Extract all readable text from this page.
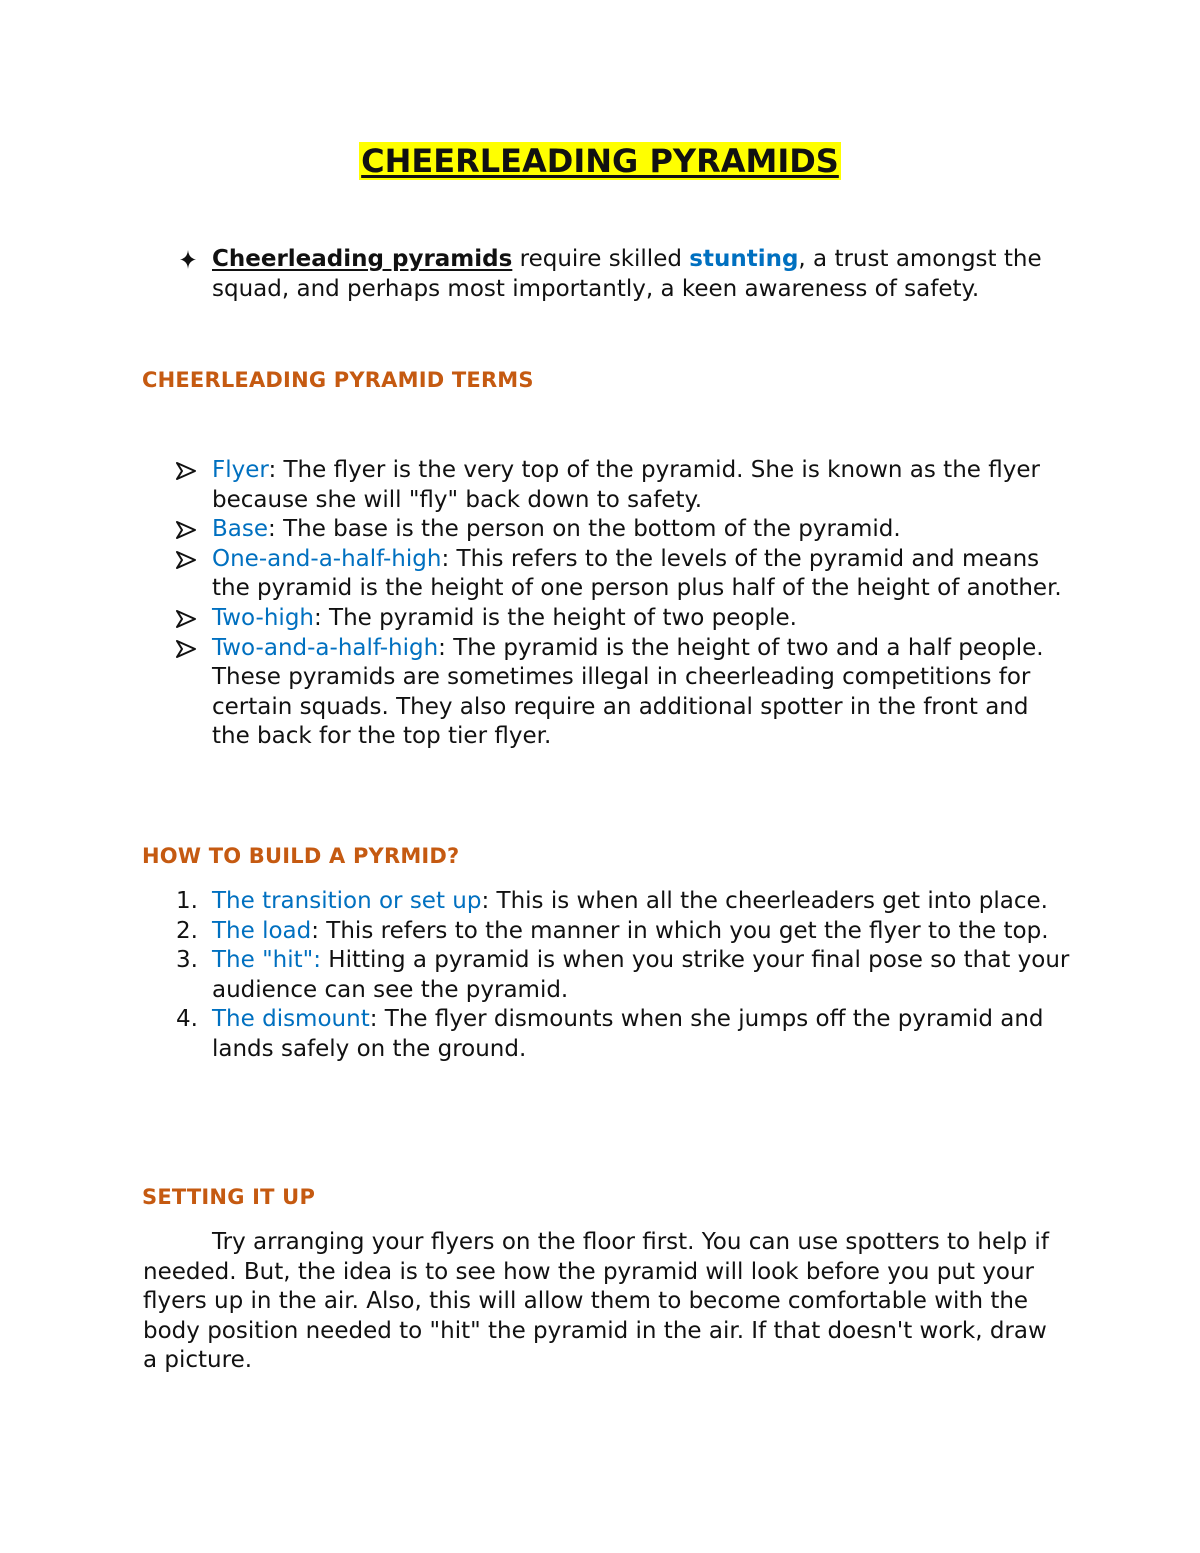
CHEERLEADING PYRAMIDS
Cheerleading pyramids require skilled stunting, a trust amongst the squad, and perhaps most importantly, a keen awareness of safety.
CHEERLEADING PYRAMID TERMS
Flyer: The flyer is the very top of the pyramid. She is known as the flyer because she will "fly" back down to safety.
Base: The base is the person on the bottom of the pyramid.
One-and-a-half-high: This refers to the levels of the pyramid and means the pyramid is the height of one person plus half of the height of another.
Two-high: The pyramid is the height of two people.
Two-and-a-half-high: The pyramid is the height of two and a half people. These pyramids are sometimes illegal in cheerleading competitions for certain squads. They also require an additional spotter in the front and the back for the top tier flyer.
HOW TO BUILD A PYRMID?
1. The transition or set up: This is when all the cheerleaders get into place.
2. The load: This refers to the manner in which you get the flyer to the top.
3. The "hit": Hitting a pyramid is when you strike your final pose so that your audience can see the pyramid.
4. The dismount: The flyer dismounts when she jumps off the pyramid and lands safely on the ground.
SETTING IT UP
Try arranging your flyers on the floor first. You can use spotters to help if needed. But, the idea is to see how the pyramid will look before you put your flyers up in the air. Also, this will allow them to become comfortable with the body position needed to "hit" the pyramid in the air. If that doesn't work, draw a picture.
